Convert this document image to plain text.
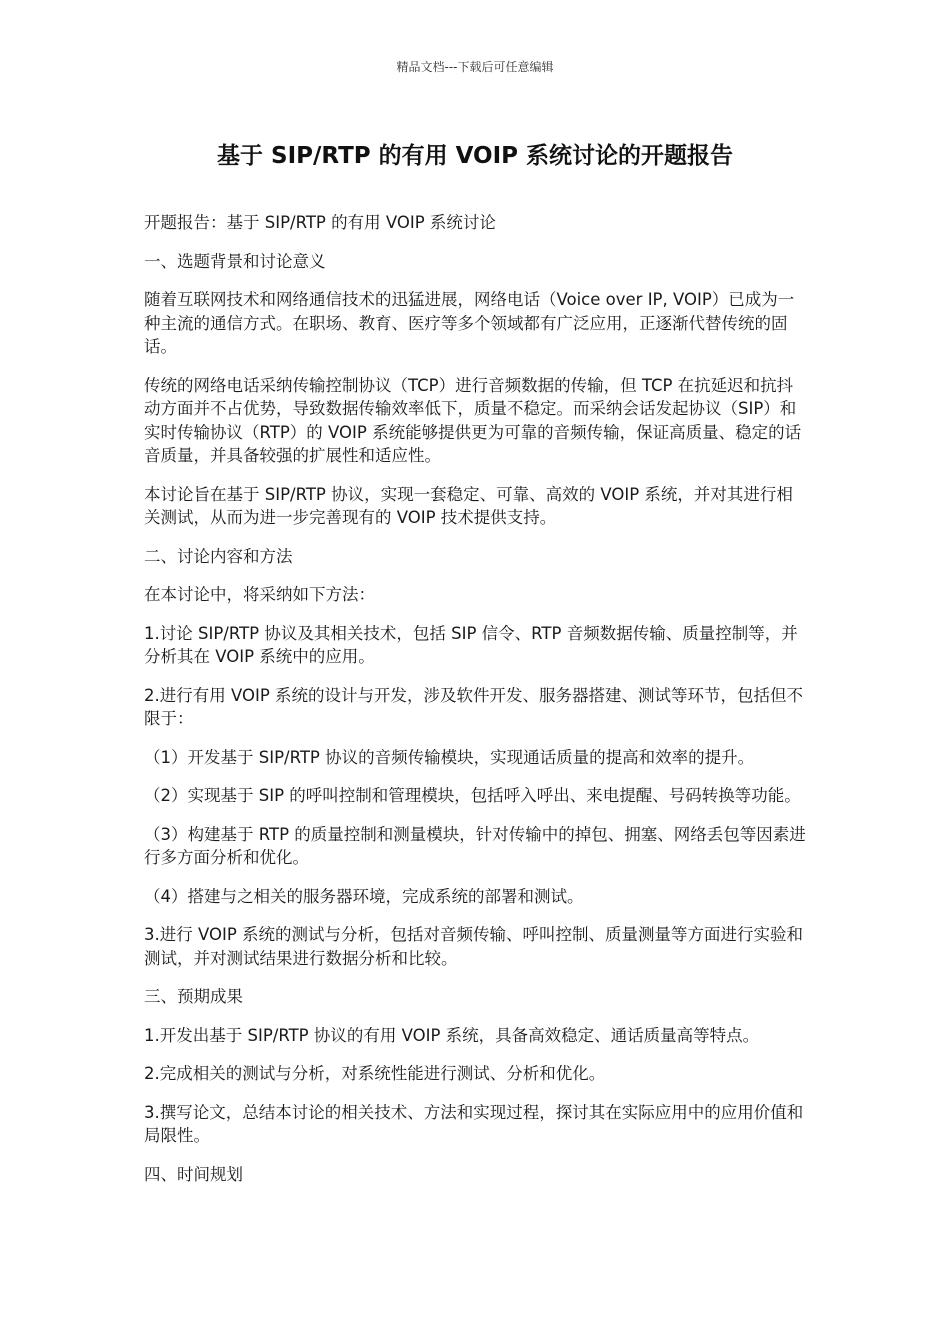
精品文档---下载后可任意编辑
基于 SIP/RTP 的有用 VOIP 系统讨论的开题报告

开题报告：基于 SIP/RTP 的有用 VOIP 系统讨论

一、选题背景和讨论意义

随着互联网技术和网络通信技术的迅猛进展，网络电话（Voice over IP, VOIP）已成为一种主流的通信方式。在职场、教育、医疗等多个领域都有广泛应用，正逐渐代替传统的固话。

传统的网络电话采纳传输控制协议（TCP）进行音频数据的传输，但 TCP 在抗延迟和抗抖动方面并不占优势，导致数据传输效率低下，质量不稳定。而采纳会话发起协议（SIP）和实时传输协议（RTP）的 VOIP 系统能够提供更为可靠的音频传输，保证高质量、稳定的话音质量，并具备较强的扩展性和适应性。

本讨论旨在基于 SIP/RTP 协议，实现一套稳定、可靠、高效的 VOIP 系统，并对其进行相关测试，从而为进一步完善现有的 VOIP 技术提供支持。

二、讨论内容和方法

在本讨论中，将采纳如下方法：

1.讨论 SIP/RTP 协议及其相关技术，包括 SIP 信令、RTP 音频数据传输、质量控制等，并分析其在 VOIP 系统中的应用。

2.进行有用 VOIP 系统的设计与开发，涉及软件开发、服务器搭建、测试等环节，包括但不限于：

（1）开发基于 SIP/RTP 协议的音频传输模块，实现通话质量的提高和效率的提升。

（2）实现基于 SIP 的呼叫控制和管理模块，包括呼入呼出、来电提醒、号码转换等功能。

（3）构建基于 RTP 的质量控制和测量模块，针对传输中的掉包、拥塞、网络丢包等因素进行多方面分析和优化。

（4）搭建与之相关的服务器环境，完成系统的部署和测试。

3.进行 VOIP 系统的测试与分析，包括对音频传输、呼叫控制、质量测量等方面进行实验和测试，并对测试结果进行数据分析和比较。

三、预期成果

1.开发出基于 SIP/RTP 协议的有用 VOIP 系统，具备高效稳定、通话质量高等特点。

2.完成相关的测试与分析，对系统性能进行测试、分析和优化。

3.撰写论文，总结本讨论的相关技术、方法和实现过程，探讨其在实际应用中的应用价值和局限性。

四、时间规划
